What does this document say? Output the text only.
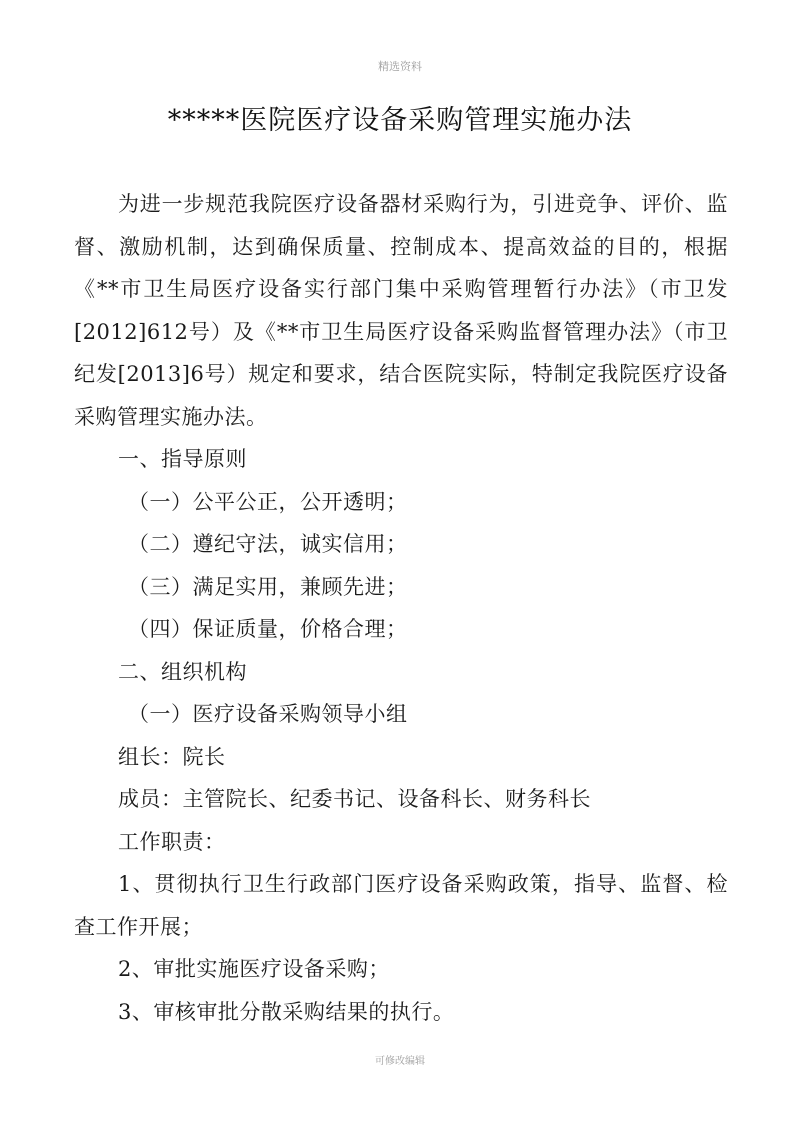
精选资料
*****医院医疗设备采购管理实施办法

为进一步规范我院医疗设备器材采购行为，引进竞争、评价、监督、激励机制，达到确保质量、控制成本、提高效益的目的，根据《**市卫生局医疗设备实行部门集中采购管理暂行办法》（市卫发[2012]612号）及《**市卫生局医疗设备采购监督管理办法》（市卫纪发[2013]6号）规定和要求，结合医院实际，特制定我院医疗设备采购管理实施办法。

一、指导原则

（一）公平公正，公开透明；

（二）遵纪守法，诚实信用；

（三）满足实用，兼顾先进；

（四）保证质量，价格合理；

二、组织机构

（一）医疗设备采购领导小组

组长：院长

成员：主管院长、纪委书记、设备科长、财务科长

工作职责：

1、贯彻执行卫生行政部门医疗设备采购政策，指导、监督、检查工作开展；

2、审批实施医疗设备采购；

3、审核审批分散采购结果的执行。

可修改编辑
